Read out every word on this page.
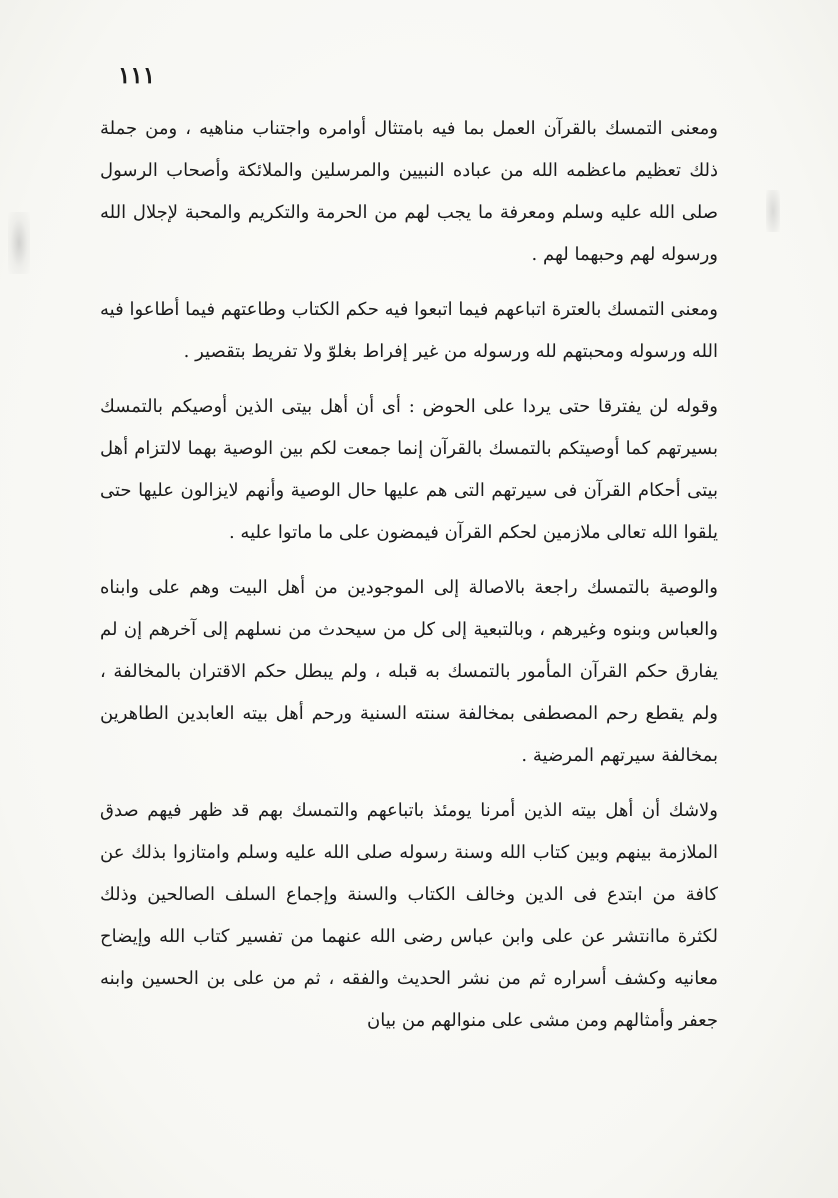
١١١

ومعنى التمسك بالقرآن العمل بما فيه بامتثال أوامره واجتناب مناهيه ، ومن جملة ذلك تعظيم ماعظمه الله من عباده النبيين والمرسلين والملائكة وأصحاب الرسول صلى الله عليه وسلم ومعرفة ما يجب لهم من الحرمة والتكريم والمحبة لإجلال الله ورسوله لهم وحبهما لهم .

ومعنى التمسك بالعترة اتباعهم فيما اتبعوا فيه حكم الكتاب وطاعتهم فيما أطاعوا فيه الله ورسوله ومحبتهم لله ورسوله من غير إفراط بغلوّ ولا تفريط بتقصير .

وقوله لن يفترقا حتى يردا على الحوض : أى أن أهل بيتى الذين أوصيكم بالتمسك بسيرتهم كما أوصيتكم بالتمسك بالقرآن إنما جمعت لكم بين الوصية بهما لالتزام أهل بيتى أحكام القرآن فى سيرتهم التى هم عليها حال الوصية وأنهم لايزالون عليها حتى يلقوا الله تعالى ملازمين لحكم القرآن فيمضون على ما ماتوا عليه .

والوصية بالتمسك راجعة بالاصالة إلى الموجودين من أهل البيت وهم على وابناه والعباس وبنوه وغيرهم ، وبالتبعية إلى كل من سيحدث من نسلهم إلى آخرهم إن لم يفارق حكم القرآن المأمور بالتمسك به قبله ، ولم يبطل حكم الاقتران بالمخالفة ، ولم يقطع رحم المصطفى بمخالفة سنته السنية ورحم أهل بيته العابدين الطاهرين بمخالفة سيرتهم المرضية .

ولاشك أن أهل بيته الذين أمرنا يومئذ باتباعهم والتمسك بهم قد ظهر فيهم صدق الملازمة بينهم وبين كتاب الله وسنة رسوله صلى الله عليه وسلم وامتازوا بذلك عن كافة من ابتدع فى الدين وخالف الكتاب والسنة وإجماع السلف الصالحين وذلك لكثرة ماانتشر عن على وابن عباس رضى الله عنهما من تفسير كتاب الله وإيضاح معانيه وكشف أسراره ثم من نشر الحديث والفقه ، ثم من على بن الحسين وابنه جعفر وأمثالهم ومن مشى على منوالهم من بيان
